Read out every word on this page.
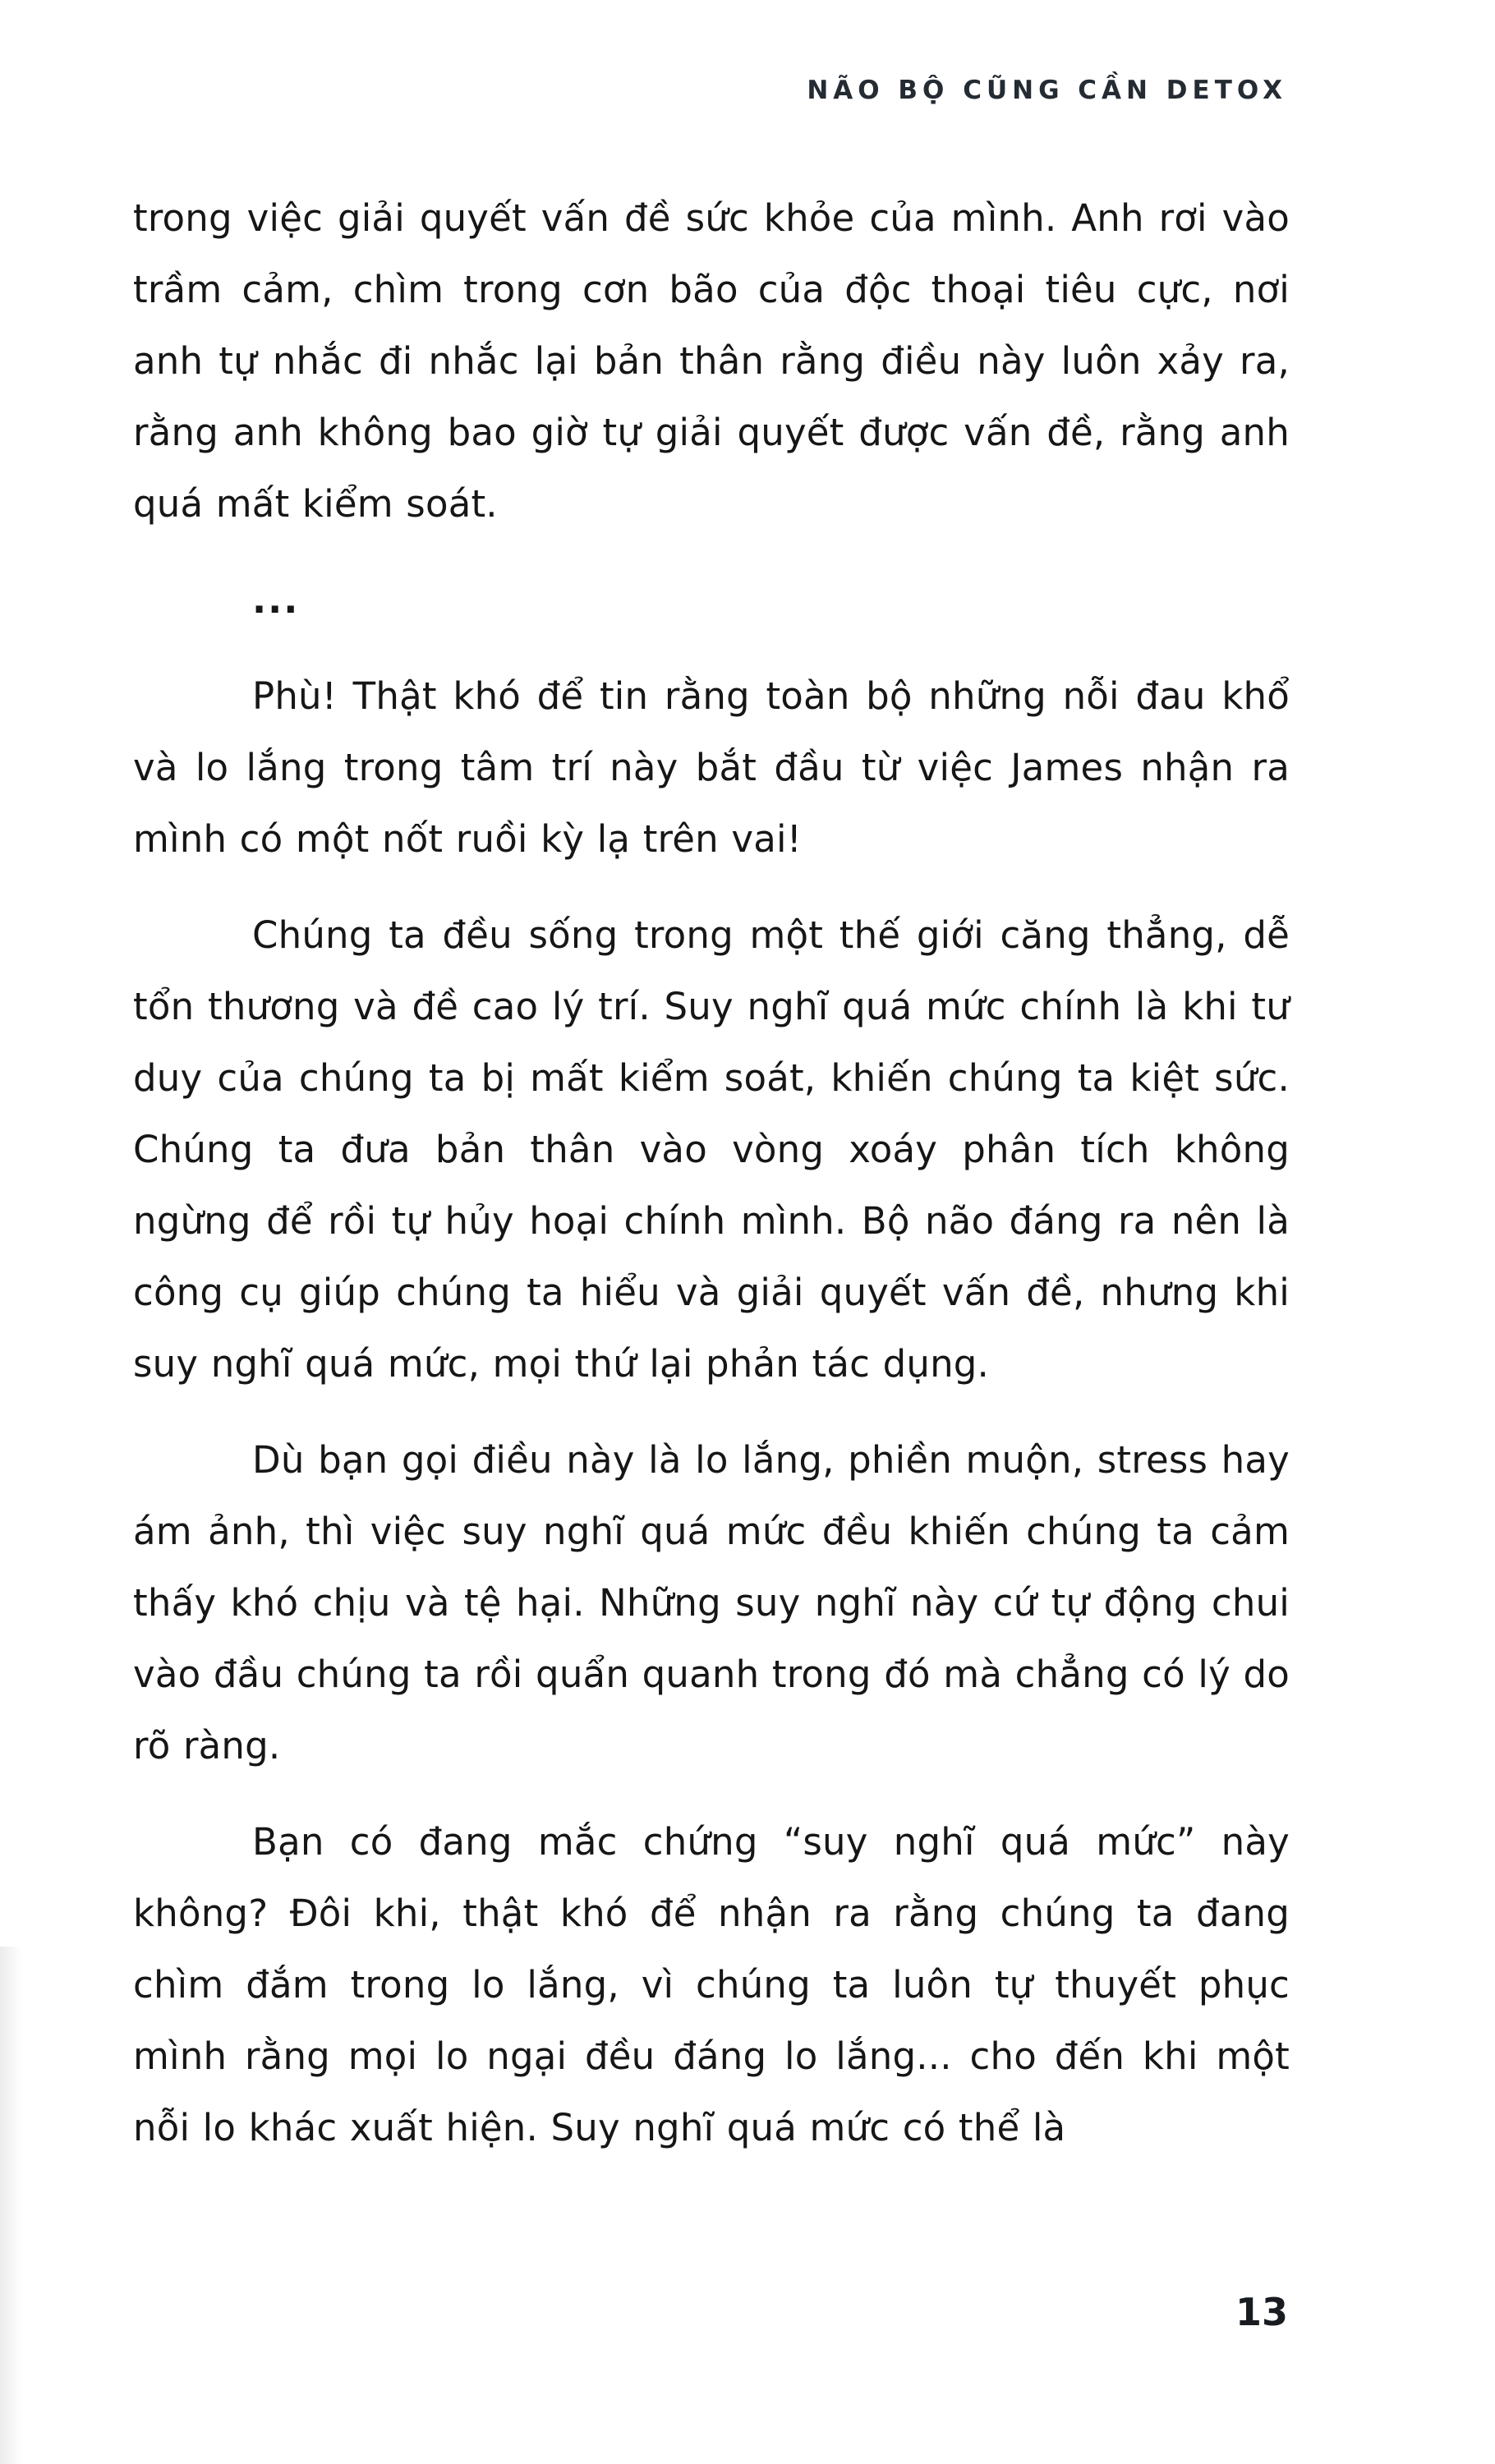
NÃO BỘ CŨNG CẦN DETOX

trong việc giải quyết vấn đề sức khỏe của mình. Anh rơi vào trầm cảm, chìm trong cơn bão của độc thoại tiêu cực, nơi anh tự nhắc đi nhắc lại bản thân rằng điều này luôn xảy ra, rằng anh không bao giờ tự giải quyết được vấn đề, rằng anh quá mất kiểm soát.

...

Phù! Thật khó để tin rằng toàn bộ những nỗi đau khổ và lo lắng trong tâm trí này bắt đầu từ việc James nhận ra mình có một nốt ruồi kỳ lạ trên vai!

Chúng ta đều sống trong một thế giới căng thẳng, dễ tổn thương và đề cao lý trí. Suy nghĩ quá mức chính là khi tư duy của chúng ta bị mất kiểm soát, khiến chúng ta kiệt sức. Chúng ta đưa bản thân vào vòng xoáy phân tích không ngừng để rồi tự hủy hoại chính mình. Bộ não đáng ra nên là công cụ giúp chúng ta hiểu và giải quyết vấn đề, nhưng khi suy nghĩ quá mức, mọi thứ lại phản tác dụng.

Dù bạn gọi điều này là lo lắng, phiền muộn, stress hay ám ảnh, thì việc suy nghĩ quá mức đều khiến chúng ta cảm thấy khó chịu và tệ hại. Những suy nghĩ này cứ tự động chui vào đầu chúng ta rồi quẩn quanh trong đó mà chẳng có lý do rõ ràng.

Bạn có đang mắc chứng “suy nghĩ quá mức” này không? Đôi khi, thật khó để nhận ra rằng chúng ta đang chìm đắm trong lo lắng, vì chúng ta luôn tự thuyết phục mình rằng mọi lo ngại đều đáng lo lắng... cho đến khi một nỗi lo khác xuất hiện. Suy nghĩ quá mức có thể là

13
